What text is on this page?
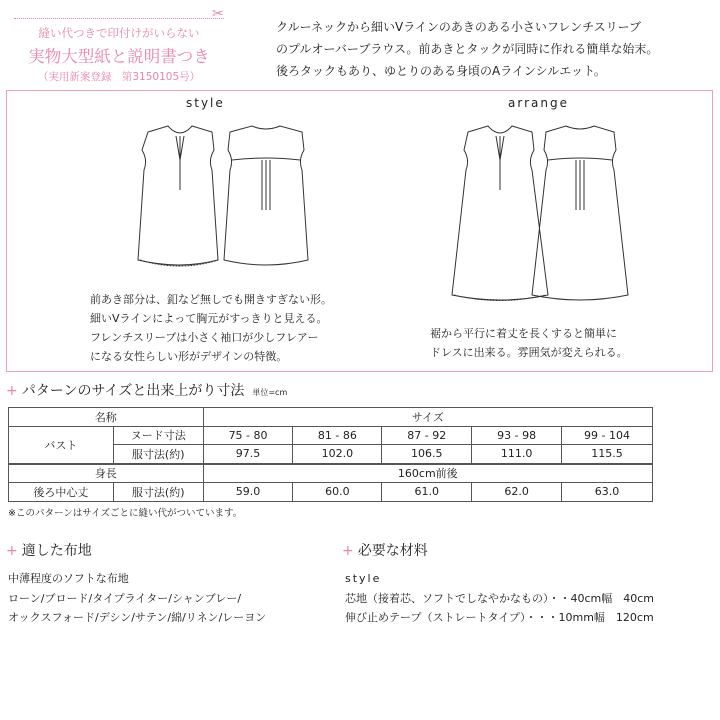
✂
縫い代つきで印付けがいらない
実物大型紙と説明書つき
（実用新案登録　第3150105号）
クルーネックから細いVラインのあきのある小さいフレンチスリーブ
のプルオーバーブラウス。前あきとタックが同時に作れる簡単な始末。
後ろタックもあり、ゆとりのある身頃のAラインシルエット。
style	arrange
前あき部分は、釦など無しでも開きすぎない形。
細いVラインによって胸元がすっきりと見える。
フレンチスリーブは小さく袖口が少しフレアー
になる女性らしい形がデザインの特徴。
裾から平行に着丈を長くすると簡単に
ドレスに出来る。雰囲気が変えられる。
+ パターンのサイズと出来上がり寸法 単位=cm
名称		サイズ				
バスト	ヌード寸法	75 - 80	81 - 86	87 - 92	93 - 98	99 - 104
	服寸法(約)	97.5	102.0	106.5	111.0	115.5
身長		160cm前後				
後ろ中心丈	服寸法(約)	59.0	60.0	61.0	62.0	63.0
※このパターンはサイズごとに縫い代がついています。
+ 適した布地
中薄程度のソフトな布地
ローン/ブロード/タイプライター/シャンブレー/
オックスフォード/デシン/サテン/綿/リネン/レーヨン
+ 必要な材料
style
芯地（接着芯、ソフトでしなやかなもの）・・40cm幅　40cm
伸び止めテープ（ストレートタイプ）・・・10mm幅　120cm
